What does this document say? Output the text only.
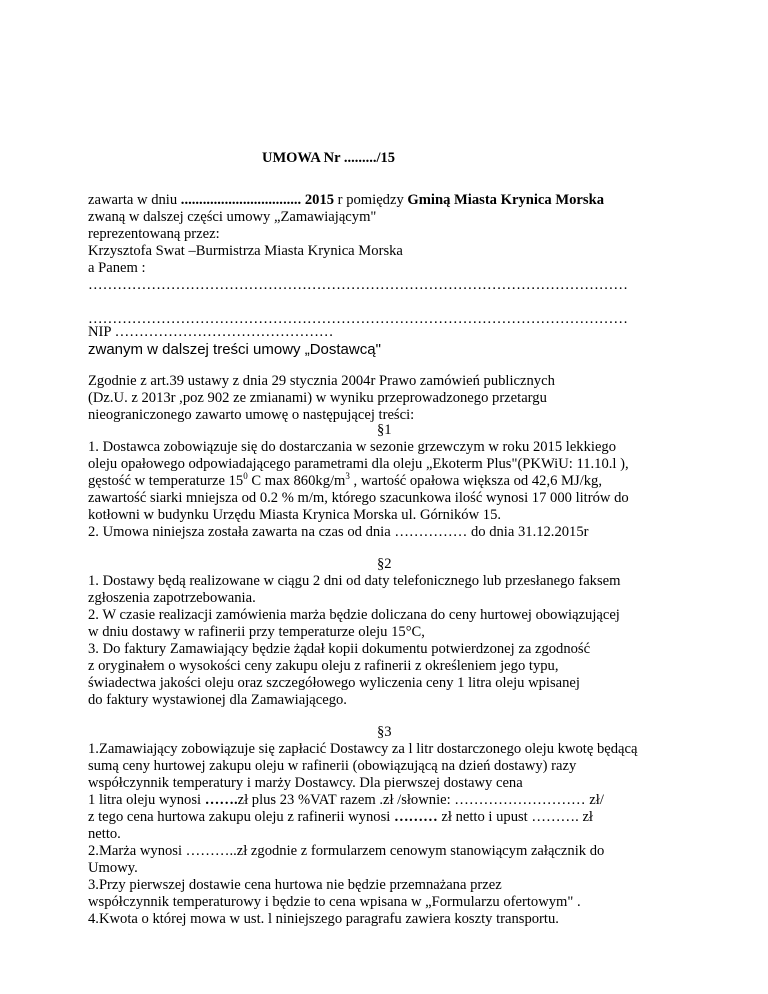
UMOWA Nr ........./15
zawarta w dniu ................................. 2015 r pomiędzy Gminą Miasta Krynica Morska
zwaną w dalszej części umowy „Zamawiającym"
reprezentowaną przez:
Krzysztofa Swat –Burmistrza Miasta Krynica Morska
a Panem :
…………………………………………………………………………………………………
…………………………………………………………………………………………………
NIP ………………………………………
zwanym w dalszej treści umowy „Dostawcą"
Zgodnie z art.39 ustawy z dnia 29 stycznia 2004r Prawo zamówień publicznych
(Dz.U. z 2013r ,poz 902 ze zmianami) w wyniku przeprowadzonego przetargu
nieograniczonego zawarto umowę o następującej treści:
§1
1. Dostawca zobowiązuje się do dostarczania w sezonie grzewczym w roku 2015 lekkiego
oleju opałowego odpowiadającego parametrami dla oleju „Ekoterm Plus"(PKWiU: 11.10.l ),
gęstość w temperaturze $15^0$ C $\max 860kg/m^3$ , wartość opałowa większa od 42,6 MJ/kg,
zawartość siarki mniejsza od 0.2 % m/m, którego szacunkowa ilość wynosi 17 000 litrów do
kotłowni w budynku Urzędu Miasta Krynica Morska ul. Górników 15.
2. Umowa niniejsza została zawarta na czas od dnia …………… do dnia 31.12.2015r
§2
1. Dostawy będą realizowane w ciągu 2 dni od daty telefonicznego lub przesłanego faksem
zgłoszenia zapotrzebowania.
2. W czasie realizacji zamówienia marża będzie doliczana do ceny hurtowej obowiązującej
w dniu dostawy w rafinerii przy temperaturze oleju 15°C,
3. Do faktury Zamawiający będzie żądał kopii dokumentu potwierdzonej za zgodność
z oryginałem o wysokości ceny zakupu oleju z rafinerii z określeniem jego typu,
świadectwa jakości oleju oraz szczegółowego wyliczenia ceny 1 litra oleju wpisanej
do faktury wystawionej dla Zamawiającego.
§3
1.Zamawiający zobowiązuje się zapłacić Dostawcy za l litr dostarczonego oleju kwotę będącą
sumą ceny hurtowej zakupu oleju w rafinerii (obowiązującą na dzień dostawy) razy
współczynnik temperatury i marży Dostawcy. Dla pierwszej dostawy cena
1 litra oleju wynosi …….zł plus 23 %VAT razem .zł /słownie: ……………………… zł/
z tego cena hurtowa zakupu oleju z rafinerii wynosi ……… zł netto i upust ………. zł
netto.
2.Marża wynosi ………..zł zgodnie z formularzem cenowym stanowiącym załącznik do
Umowy.
3.Przy pierwszej dostawie cena hurtowa nie będzie przemnażana przez
współczynnik temperaturowy i będzie to cena wpisana w „Formularzu ofertowym" .
4.Kwota o której mowa w ust. l niniejszego paragrafu zawiera koszty transportu.
